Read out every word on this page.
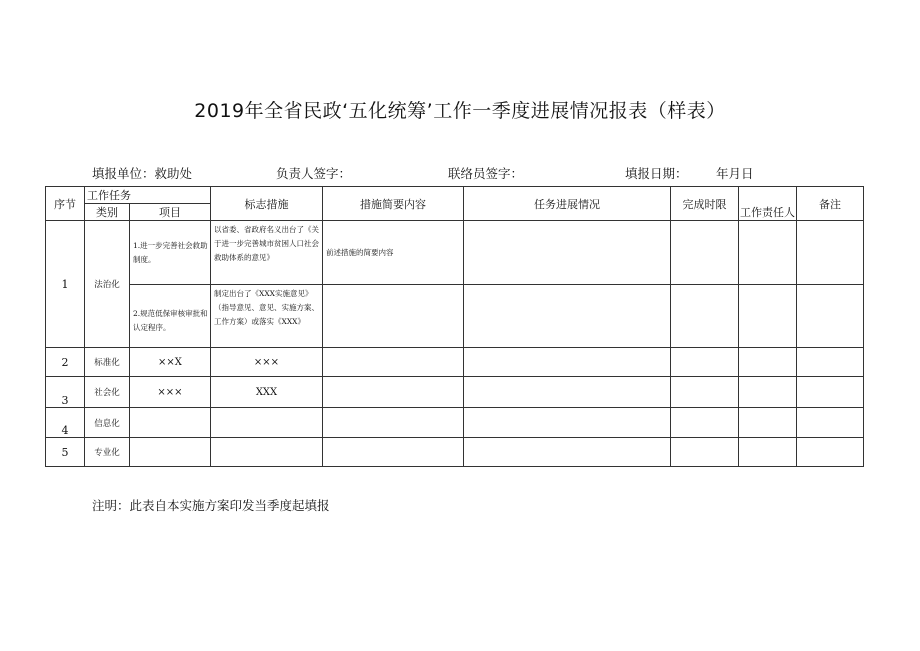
2019年全省民政‘五化统筹’工作一季度进展情况报表（样表）
填报单位：救助处	负责人签字：	联络员签字：	填报日期： 年月日
序节	工作任务		标志措施	措施简要内容	任务进展情况	完成时限	工作责任人	备注
	类别	项目						
1	法治化	1.进一步完善社会救助制度。	以省委、省政府名义出台了《关于进一步完善城市贫困人口社会救助体系的意见》	前述措施的简要内容				

		2.规范低保审核审批和认定程序。	制定出台了《XXX实施意见》（指导意见、意见、实施方案、工作方案）或落实《XXX》					

2	标准化	××X	×××					
3	社会化	×××	XXX					
4	信息化							
5	专业化							
注明：此表自本实施方案印发当季度起填报
